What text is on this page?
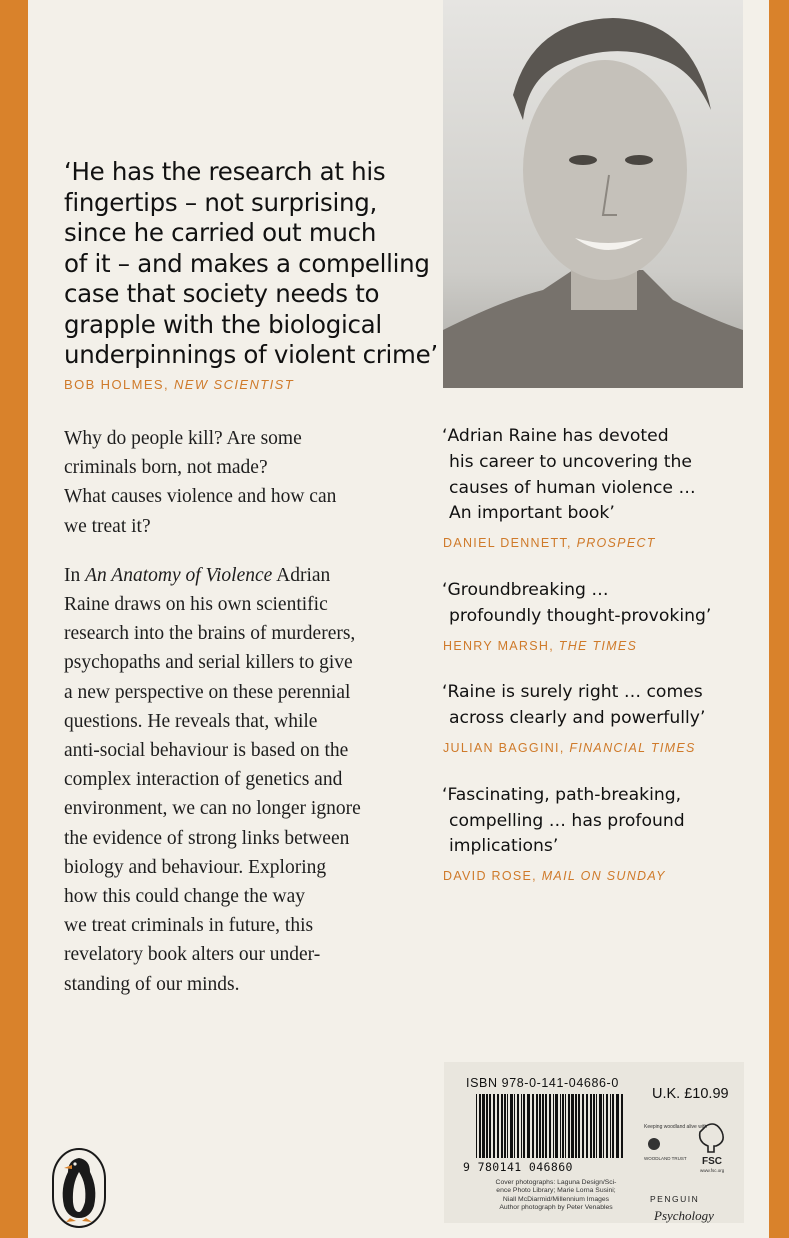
‘He has the research at his
fingertips – not surprising,
since he carried out much
of it – and makes a compelling
case that society needs to
grapple with the biological
underpinnings of violent crime’
BOB HOLMES, NEW SCIENTIST

Why do people kill? Are some
criminals born, not made?
What causes violence and how can
we treat it?

In An Anatomy of Violence Adrian
Raine draws on his own scientific
research into the brains of murderers,
psychopaths and serial killers to give
a new perspective on these perennial
questions. He reveals that, while
anti-social behaviour is based on the
complex interaction of genetics and
environment, we can no longer ignore
the evidence of strong links between
biology and behaviour. Exploring
how this could change the way
we treat criminals in future, this
revelatory book alters our under-
standing of our minds.

‘Adrian Raine has devoted
his career to uncovering the
causes of human violence …
An important book’

DANIEL DENNETT, PROSPECT

‘Groundbreaking …
profoundly thought-provoking’

HENRY MARSH, THE TIMES

‘Raine is surely right … comes
across clearly and powerfully’

JULIAN BAGGINI, FINANCIAL TIMES

‘Fascinating, path-breaking,
compelling … has profound
implications’

DAVID ROSE, MAIL ON SUNDAY
ISBN 978-0-141-04686-0
9 780141 046860
U.K. £10.99
Keeping woodland alive with
WOODLAND TRUST FSC
www.fsc.org
Cover photographs: Laguna Design/Sci-
ence Photo Library; Marie Lorna Susini;
Niall McDiarmid/Millennium Images
Author photograph by Peter Venables
PENGUIN
Psychology
